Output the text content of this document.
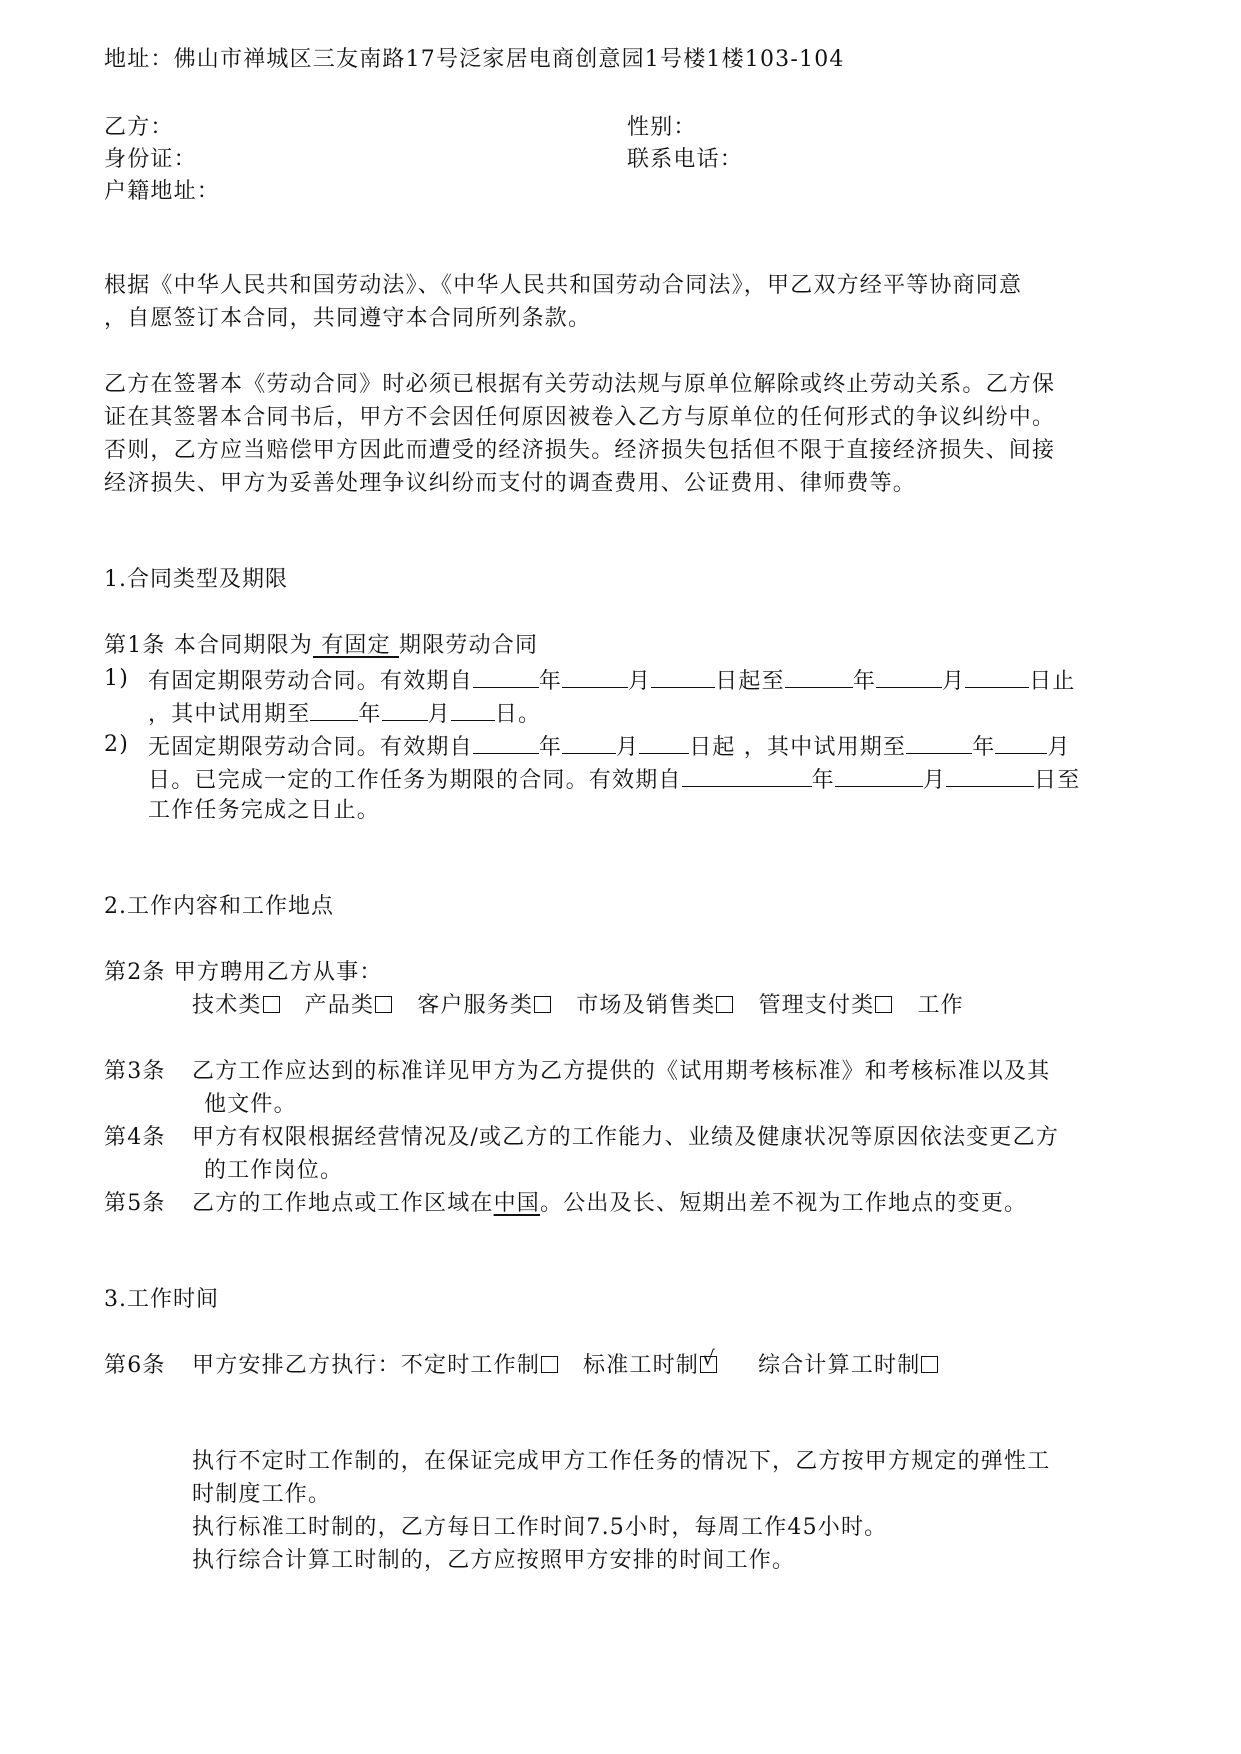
地址：佛山市禅城区三友南路17号泛家居电商创意园1号楼1楼103-104

乙方：	性别：

身份证：	联系电话：

户籍地址：

根据《中华人民共和国劳动法》、《中华人民共和国劳动合同法》，甲乙双方经平等协商同意

，自愿签订本合同，共同遵守本合同所列条款。

乙方在签署本《劳动合同》时必须已根据有关劳动法规与原单位解除或终止劳动关系。乙方保

证在其签署本合同书后，甲方不会因任何原因被卷入乙方与原单位的任何形式的争议纠纷中。

否则，乙方应当赔偿甲方因此而遭受的经济损失。经济损失包括但不限于直接经济损失、间接

经济损失、甲方为妥善处理争议纠纷而支付的调查费用、公证费用、律师费等。

1.合同类型及期限

第1条 本合同期限为 有固定 期限劳动合同

1) 有固定期限劳动合同。有效期自	年	月	日起至	年	月	日止

，其中试用期至 年 月 日。

2) 无固定期限劳动合同。有效期自	年 月 日起 ，其中试用期至	年 月

日。已完成一定的工作任务为期限的合同。有效期自	年	月	日至

工作任务完成之日止。

2.工作内容和工作地点

第2条 甲方聘用乙方从事：

技术类 产品类 客户服务类 市场及销售类 管理支付类 工作

第3条 乙方工作应达到的标准详见甲方为乙方提供的《试用期考核标准》和考核标准以及其

他文件。

第4条 甲方有权限根据经营情况及/或乙方的工作能力、业绩及健康状况等原因依法变更乙方

的工作岗位。

第5条 乙方的工作地点或工作区域在中国。公出及长、短期出差不视为工作地点的变更。

3.工作时间

第6条 甲方安排乙方执行：不定时工作制 标准工时制 √ 综合计算工时制

执行不定时工作制的，在保证完成甲方工作任务的情况下，乙方按甲方规定的弹性工

时制度工作。

执行标准工时制的，乙方每日工作时间7.5小时，每周工作45小时。

执行综合计算工时制的，乙方应按照甲方安排的时间工作。
